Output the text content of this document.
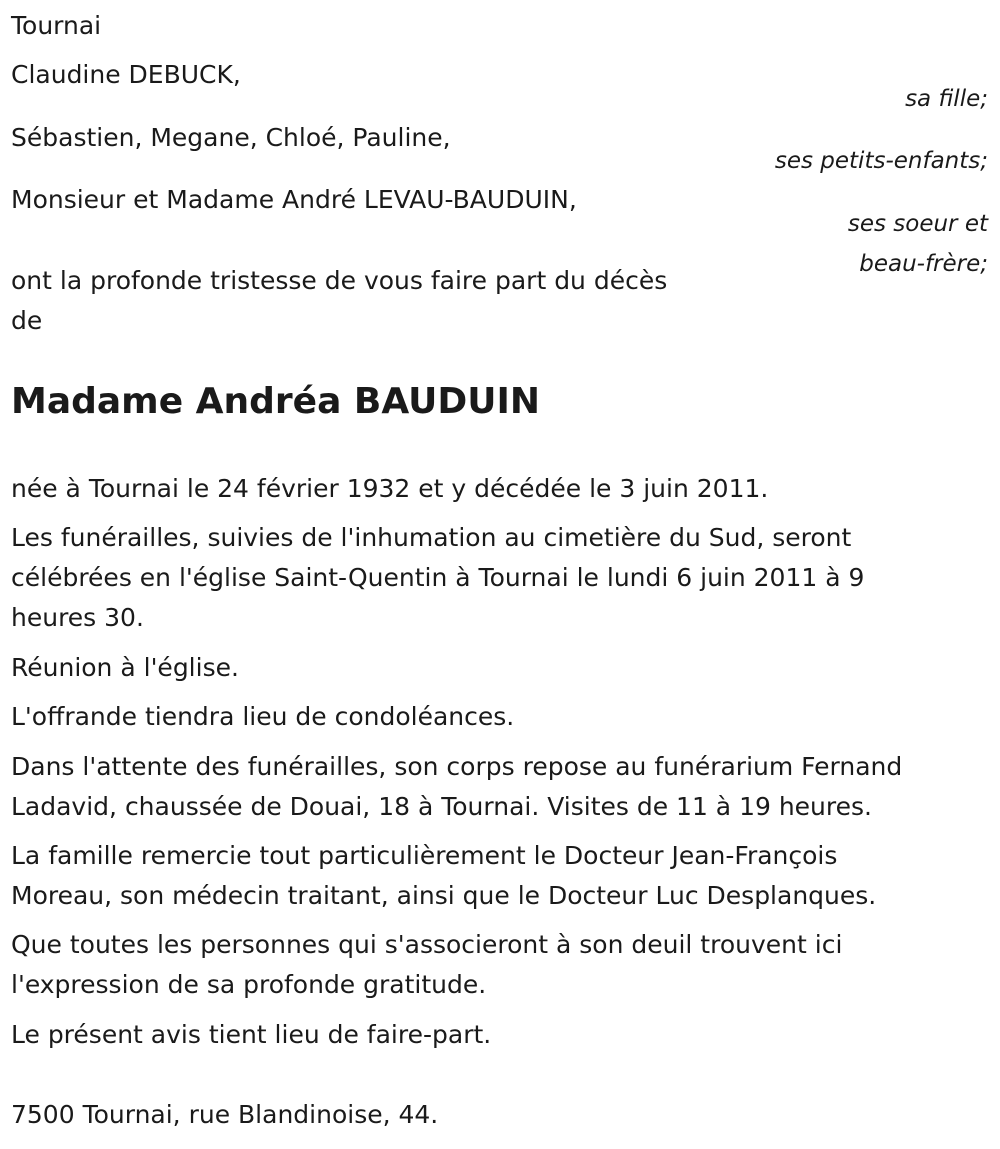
Tournai
Claudine DEBUCK,
sa fille;
Sébastien, Megane, Chloé, Pauline,
ses petits-enfants;
Monsieur et Madame André LEVAU-BAUDUIN,
ses soeur et
beau-frère;
ont la profonde tristesse de vous faire part du décès
de
Madame Andréa BAUDUIN
née à Tournai le 24 février 1932 et y décédée le 3 juin 2011.
Les funérailles, suivies de l'inhumation au cimetière du Sud, seront
célébrées en l'église Saint-Quentin à Tournai le lundi 6 juin 2011 à 9
heures 30.
Réunion à l'église.
L'offrande tiendra lieu de condoléances.
Dans l'attente des funérailles, son corps repose au funérarium Fernand
Ladavid, chaussée de Douai, 18 à Tournai. Visites de 11 à 19 heures.
La famille remercie tout particulièrement le Docteur Jean-François
Moreau, son médecin traitant, ainsi que le Docteur Luc Desplanques.
Que toutes les personnes qui s'associeront à son deuil trouvent ici
l'expression de sa profonde gratitude.
Le présent avis tient lieu de faire-part.
7500 Tournai, rue Blandinoise, 44.
